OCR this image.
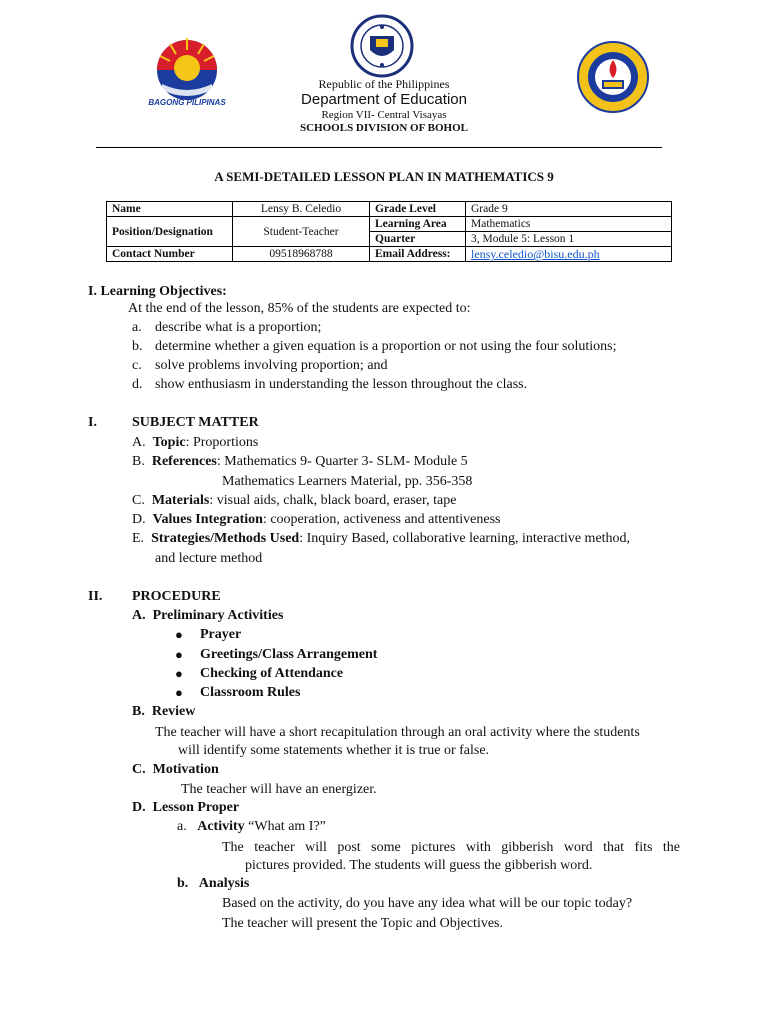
BAGONG PILIPINAS
Republic of the Philippines
Department of Education
Region VII- Central Visayas
SCHOOLS DIVISION OF BOHOL
A SEMI-DETAILED LESSON PLAN IN MATHEMATICS 9
Name	Lensy B. Celedio	Grade Level	Grade 9
Position/Designation	Student-Teacher	Learning Area	Mathematics
		Quarter	3, Module 5: Lesson 1
Contact Number	09518968788	Email Address:	lensy.celedio@bisu.edu.ph
I. Learning Objectives:
At the end of the lesson, 85% of the students are expected to:
a. describe what is a proportion;
b. determine whether a given equation is a proportion or not using the four solutions;
c. solve problems involving proportion; and
d. show enthusiasm in understanding the lesson throughout the class.
I.	SUBJECT MATTER
A.  Topic: Proportions
B.  References: Mathematics 9- Quarter 3- SLM- Module 5
Mathematics Learners Material, pp. 356-358
C.  Materials: visual aids, chalk, black board, eraser, tape
D.  Values Integration: cooperation, activeness and attentiveness
E.  Strategies/Methods Used: Inquiry Based, collaborative learning, interactive method,
and lecture method
II. PROCEDURE
A.  Preliminary Activities
● Prayer
● Greetings/Class Arrangement
● Checking of Attendance
● Classroom Rules
B.  Review
The teacher will have a short recapitulation through an oral activity where the students
will identify some statements whether it is true or false.
C.  Motivation
The teacher will have an energizer.
D.  Lesson Proper
a.   Activity “What am I?”
The teacher will post some pictures with gibberish word that fits the
pictures provided. The students will guess the gibberish word.
b.   Analysis
Based on the activity, do you have any idea what will be our topic today?
The teacher will present the Topic and Objectives.
